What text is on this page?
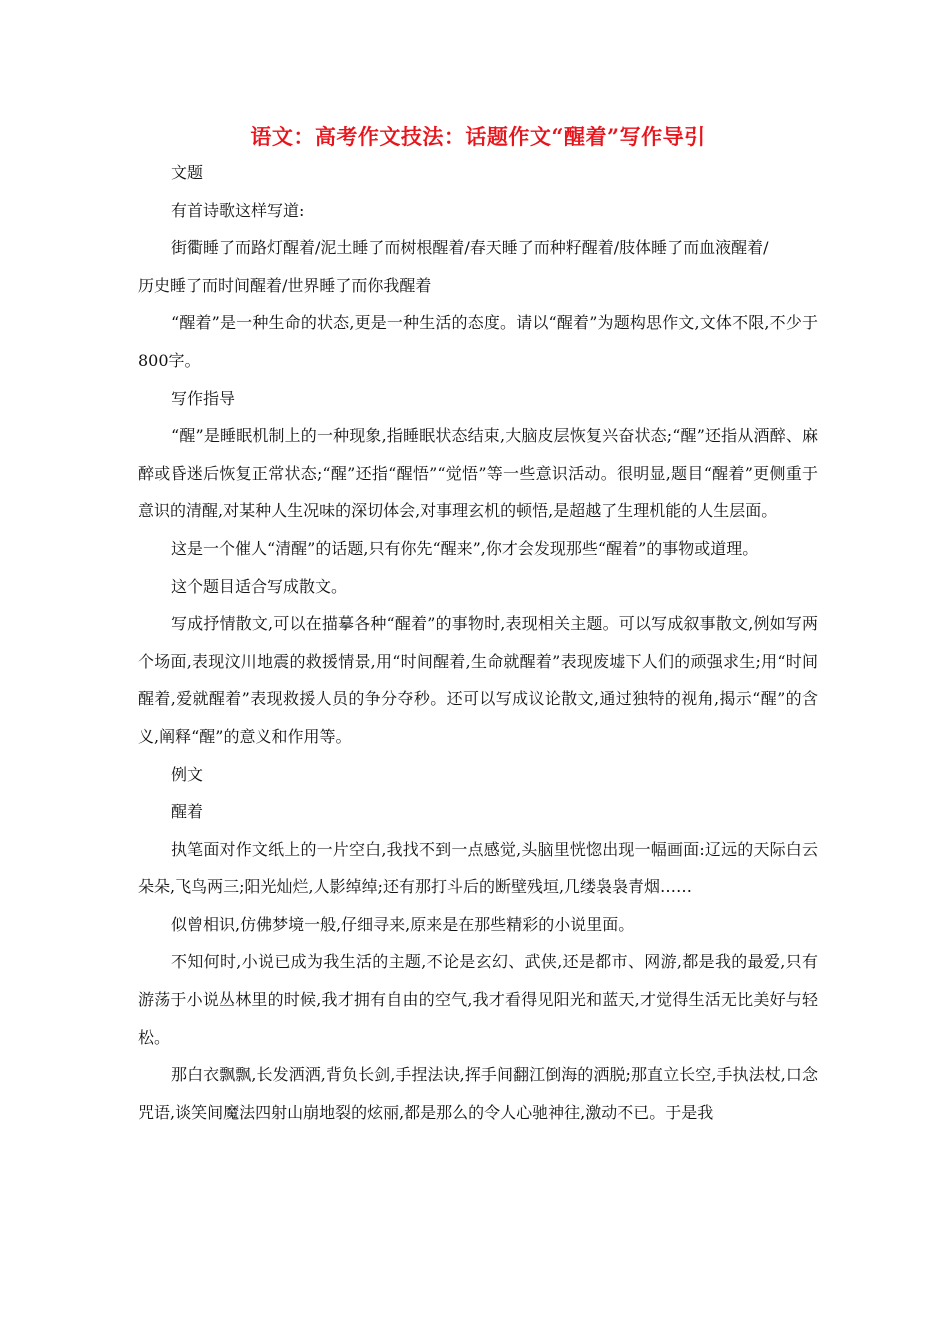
语文：高考作文技法：话题作文“醒着”写作导引

文题

有首诗歌这样写道:

街衢睡了而路灯醒着/泥土睡了而树根醒着/春天睡了而种籽醒着/肢体睡了而血液醒着/

历史睡了而时间醒着/世界睡了而你我醒着

“醒着”是一种生命的状态,更是一种生活的态度。请以“醒着”为题构思作文,文体不限,不少于800字。

写作指导

“醒”是睡眠机制上的一种现象,指睡眠状态结束,大脑皮层恢复兴奋状态;“醒”还指从酒醉、麻醉或昏迷后恢复正常状态;“醒”还指“醒悟”“觉悟”等一些意识活动。很明显,题目“醒着”更侧重于意识的清醒,对某种人生况味的深切体会,对事理玄机的顿悟,是超越了生理机能的人生层面。

这是一个催人“清醒”的话题,只有你先“醒来”,你才会发现那些“醒着”的事物或道理。

这个题目适合写成散文。

写成抒情散文,可以在描摹各种“醒着”的事物时,表现相关主题。可以写成叙事散文,例如写两个场面,表现汶川地震的救援情景,用“时间醒着,生命就醒着”表现废墟下人们的顽强求生;用“时间醒着,爱就醒着”表现救援人员的争分夺秒。还可以写成议论散文,通过独特的视角,揭示“醒”的含义,阐释“醒”的意义和作用等。

例文

醒着

执笔面对作文纸上的一片空白,我找不到一点感觉,头脑里恍惚出现一幅画面:辽远的天际白云朵朵,飞鸟两三;阳光灿烂,人影绰绰;还有那打斗后的断壁残垣,几缕袅袅青烟……

似曾相识,仿佛梦境一般,仔细寻来,原来是在那些精彩的小说里面。

不知何时,小说已成为我生活的主题,不论是玄幻、武侠,还是都市、网游,都是我的最爱,只有游荡于小说丛林里的时候,我才拥有自由的空气,我才看得见阳光和蓝天,才觉得生活无比美好与轻松。

那白衣飘飘,长发洒洒,背负长剑,手捏法诀,挥手间翻江倒海的洒脱;那直立长空,手执法杖,口念咒语,谈笑间魔法四射山崩地裂的炫丽,都是那么的令人心驰神往,激动不已。于是我
